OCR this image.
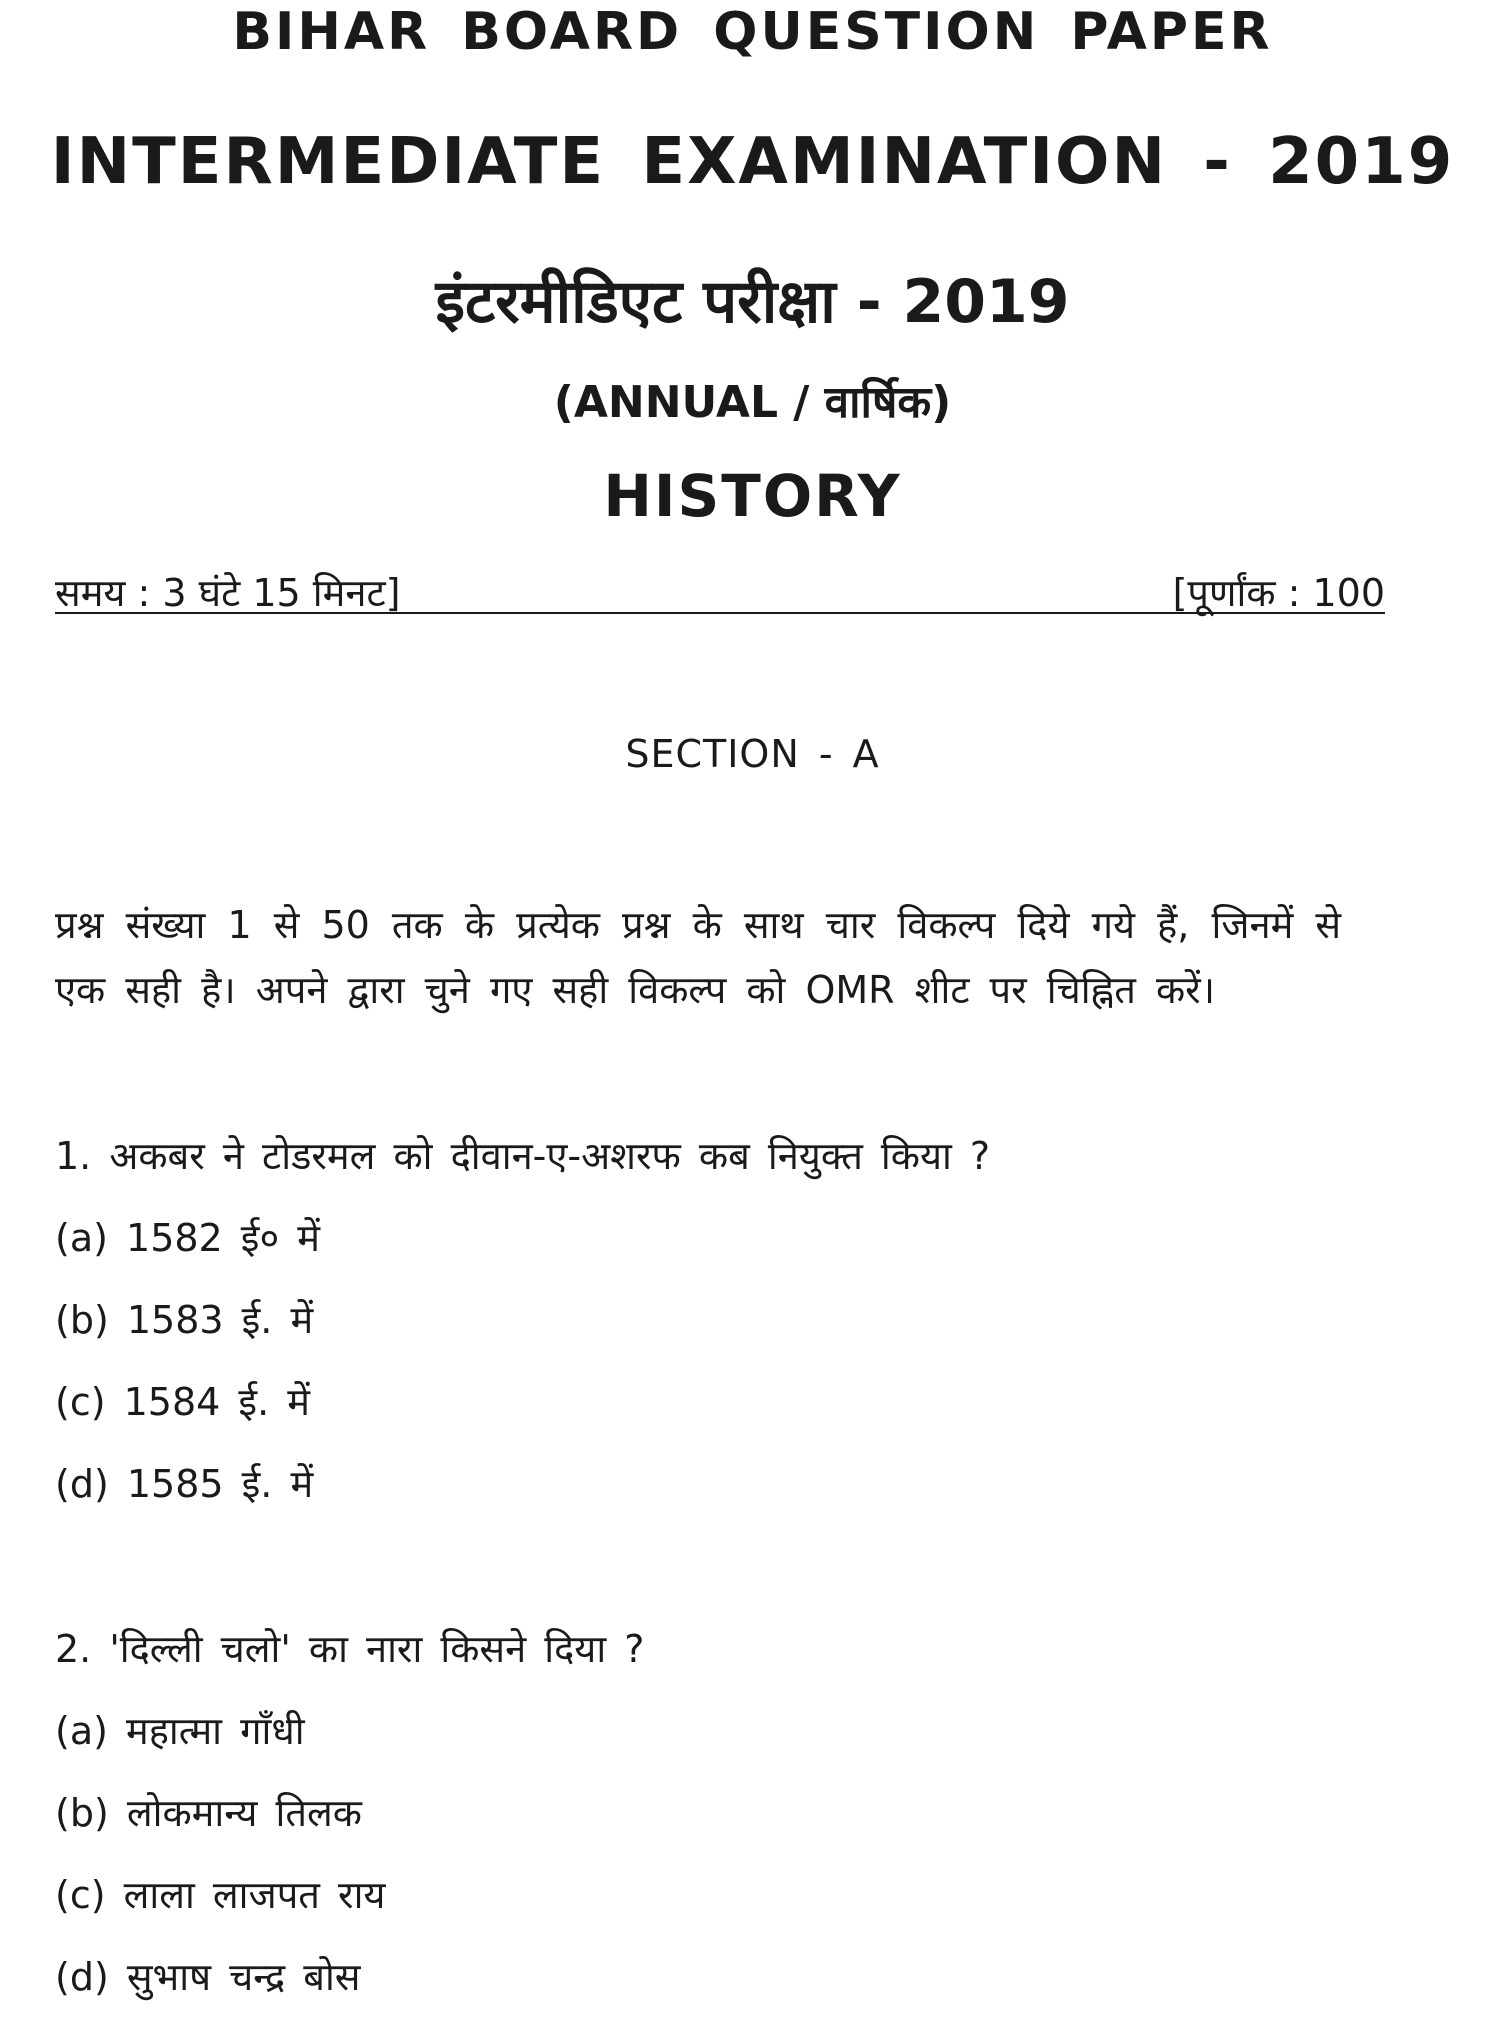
BIHAR BOARD QUESTION PAPER
INTERMEDIATE EXAMINATION - 2019
इंटरमीडिएट परीक्षा - 2019
(ANNUAL / वार्षिक)
HISTORY
समय : 3 घंटे 15 मिनट]	[पूर्णांक : 100
SECTION - A
प्रश्न संख्या 1 से 50 तक के प्रत्येक प्रश्न के साथ चार विकल्प दिये गये हैं, जिनमें से
एक सही है। अपने द्वारा चुने गए सही विकल्प को OMR शीट पर चिह्नित करें।
1. अकबर ने टोडरमल को दीवान-ए-अशरफ कब नियुक्त किया ?
(a) 1582 ई० में
(b) 1583 ई. में
(c) 1584 ई. में
(d) 1585 ई. में
2. 'दिल्ली चलो' का नारा किसने दिया ?
(a) महात्मा गाँधी
(b) लोकमान्य तिलक
(c) लाला लाजपत राय
(d) सुभाष चन्द्र बोस
